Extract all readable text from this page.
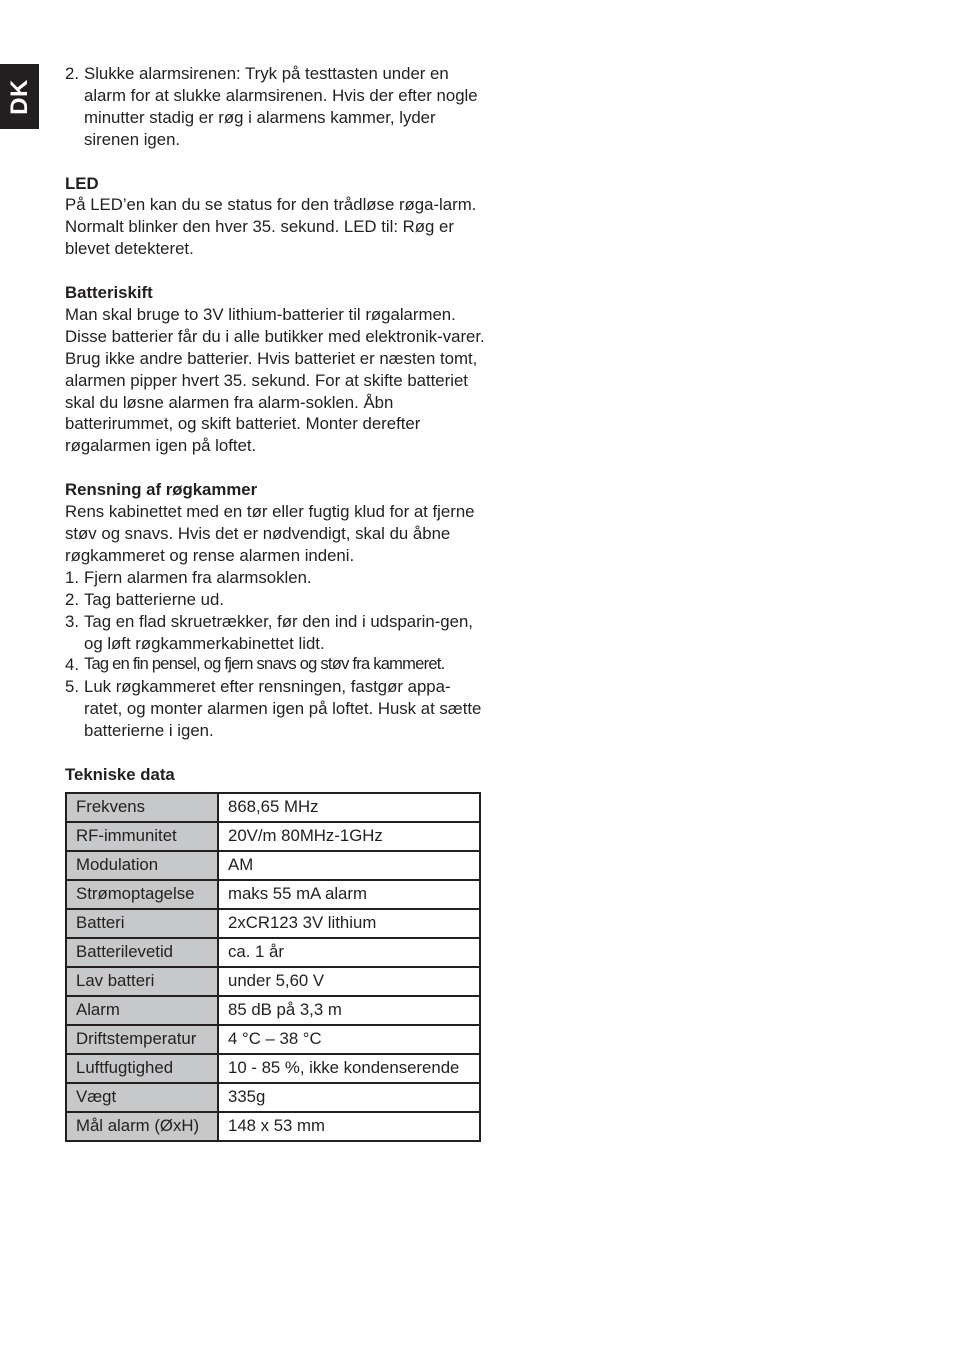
DK
2. Slukke alarmsirenen: Tryk på testtasten under en alarm for at slukke alarmsirenen. Hvis der efter nogle minutter stadig er røg i alarmens kammer, lyder sirenen igen.

LED

På LED’en kan du se status for den trådløse røga-larm. Normalt blinker den hver 35. sekund. LED til: Røg er blevet detekteret.

Batteriskift

Man skal bruge to 3V lithium-batterier til røgalarmen. Disse batterier får du i alle butikker med elektronik-varer. Brug ikke andre batterier. Hvis batteriet er næsten tomt, alarmen pipper hvert 35. sekund. For at skifte batteriet skal du løsne alarmen fra alarm-soklen. Åbn batterirummet, og skift batteriet. Monter derefter røgalarmen igen på loftet.

Rensning af røgkammer

Rens kabinettet med en tør eller fugtig klud for at fjerne støv og snavs. Hvis det er nødvendigt, skal du åbne røgkammeret og rense alarmen indeni.

1. Fjern alarmen fra alarmsoklen.
2. Tag batterierne ud.
3. Tag en flad skruetrækker, før den ind i udsparin-gen, og løft røgkammerkabinettet lidt.
4. Tag en fin pensel, og fjern snavs og støv fra kammeret.
5. Luk røgkammeret efter rensningen, fastgør appa-ratet, og monter alarmen igen på loftet. Husk at sætte batterierne i igen.

Tekniske data

Frekvens	868,65 MHz
RF-immunitet	20V/m 80MHz-1GHz
Modulation	AM
Strømoptagelse	maks 55 mA alarm
Batteri	2xCR123 3V lithium
Batterilevetid	ca. 1 år
Lav batteri	under 5,60 V
Alarm	85 dB på 3,3 m
Driftstemperatur	4 °C – 38 °C
Luftfugtighed	10 - 85 %, ikke kondenserende
Vægt	335g
Mål alarm (ØxH)	148 x 53 mm
